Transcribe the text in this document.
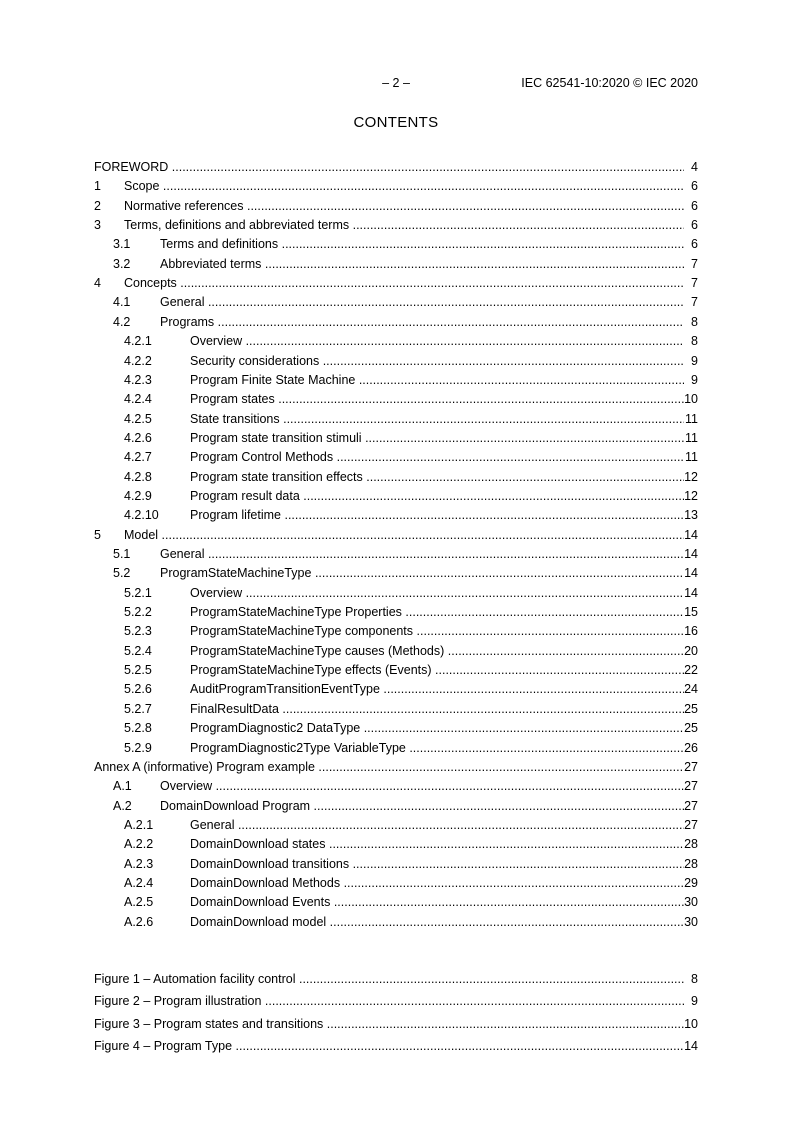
– 2 –	IEC 62541-10:2020 © IEC 2020
CONTENTS
FOREWORD .....	4
1 Scope .....	6
2 Normative references .....	6
3 Terms, definitions and abbreviated terms .....	6
3.1 Terms and definitions .....	6
3.2 Abbreviated terms .....	7
4 Concepts .....	7
4.1 General .....	7
4.2 Programs .....	8
4.2.1	Overview .....	8
4.2.2	Security considerations .....	9
4.2.3	Program Finite State Machine .....	9
4.2.4	Program states .....	10
4.2.5	State transitions .....	11
4.2.6	Program state transition stimuli .....	11
4.2.7	Program Control Methods .....	11
4.2.8	Program state transition effects .....	12
4.2.9	Program result data .....	12
4.2.10 Program lifetime .....	13
5 Model .....	14
5.1 General .....	14
5.2 ProgramStateMachineType .....	14
5.2.1	Overview .....	14
5.2.2	ProgramStateMachineType Properties .....	15
5.2.3	ProgramStateMachineType components .....	16
5.2.4	ProgramStateMachineType causes (Methods) .....	20
5.2.5	ProgramStateMachineType effects (Events) .....	22
5.2.6	AuditProgramTransitionEventType .....	24
5.2.7	FinalResultData .....	25
5.2.8	ProgramDiagnostic2 DataType .....	25
5.2.9	ProgramDiagnostic2Type VariableType .....	26
Annex A (informative) Program example .....	27
A.1 Overview .....	27
A.2 DomainDownload Program .....	27
A.2.1	General .....	27
A.2.2	DomainDownload states .....	28
A.2.3	DomainDownload transitions .....	28
A.2.4	DomainDownload Methods .....	29
A.2.5	DomainDownload Events .....	30
A.2.6	DomainDownload model .....	30
Figure 1 – Automation facility control .....	8
Figure 2 – Program illustration .....	9
Figure 3 – Program states and transitions .....	10
Figure 4 – Program Type .....	14
